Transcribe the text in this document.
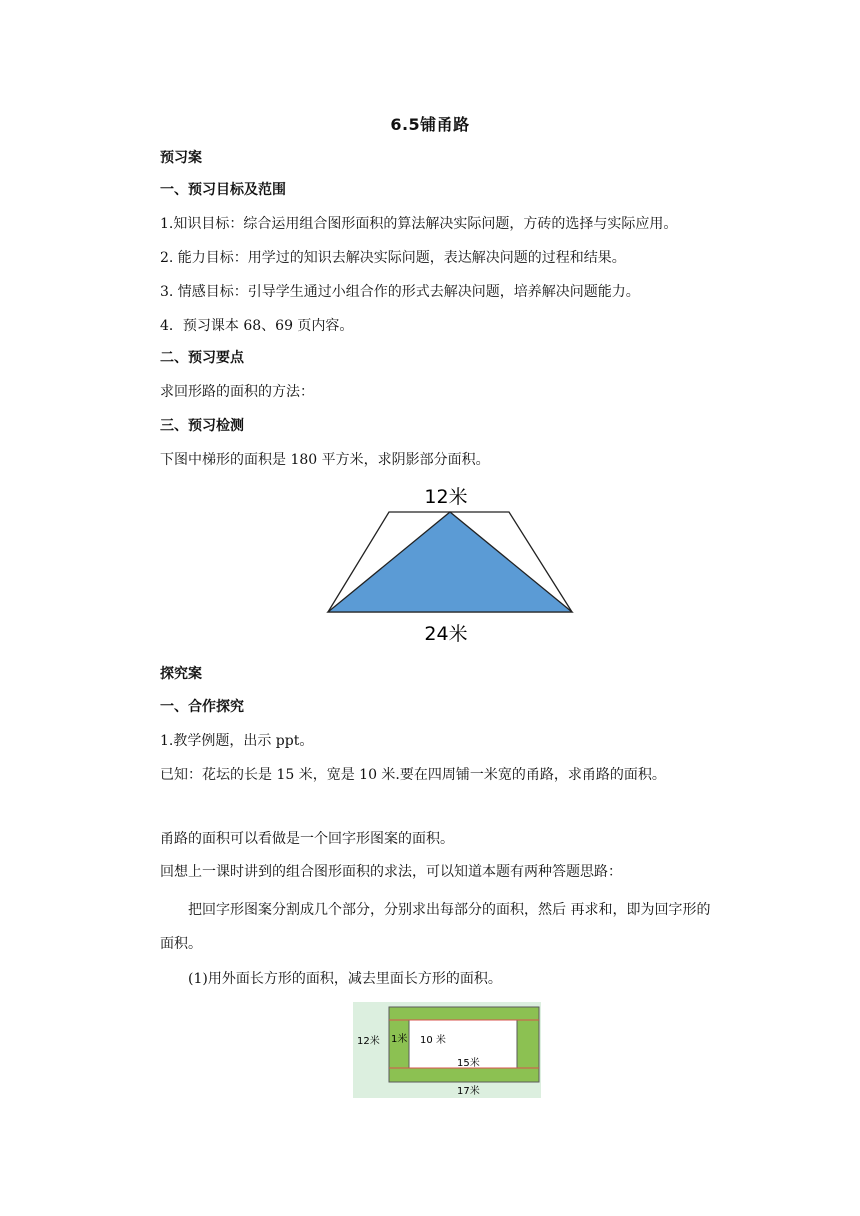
6.5铺甬路
预习案
一、预习目标及范围
1.知识目标：综合运用组合图形面积的算法解决实际问题，方砖的选择与实际应用。
2. 能力目标：用学过的知识去解决实际问题，表达解决问题的过程和结果。
3. 情感目标：引导学生通过小组合作的形式去解决问题，培养解决问题能力。
4．预习课本 68、69 页内容。
二、预习要点
求回形路的面积的方法：
三、预习检测
下图中梯形的面积是 180 平方米，求阴影部分面积。
12米
24米
探究案
一、合作探究
1.教学例题，出示 ppt。
已知：花坛的长是 15 米，宽是 10 米.要在四周铺一米宽的甬路，求甬路的面积。
甬路的面积可以看做是一个回字形图案的面积。
回想上一课时讲到的组合图形面积的求法，可以知道本题有两种答题思路：
把回字形图案分割成几个部分，分别求出每部分的面积，然后 再求和，即为回字形的
面积。
(1)用外面长方形的面积，减去里面长方形的面积。
12米 1米 10 米
15米
17米
